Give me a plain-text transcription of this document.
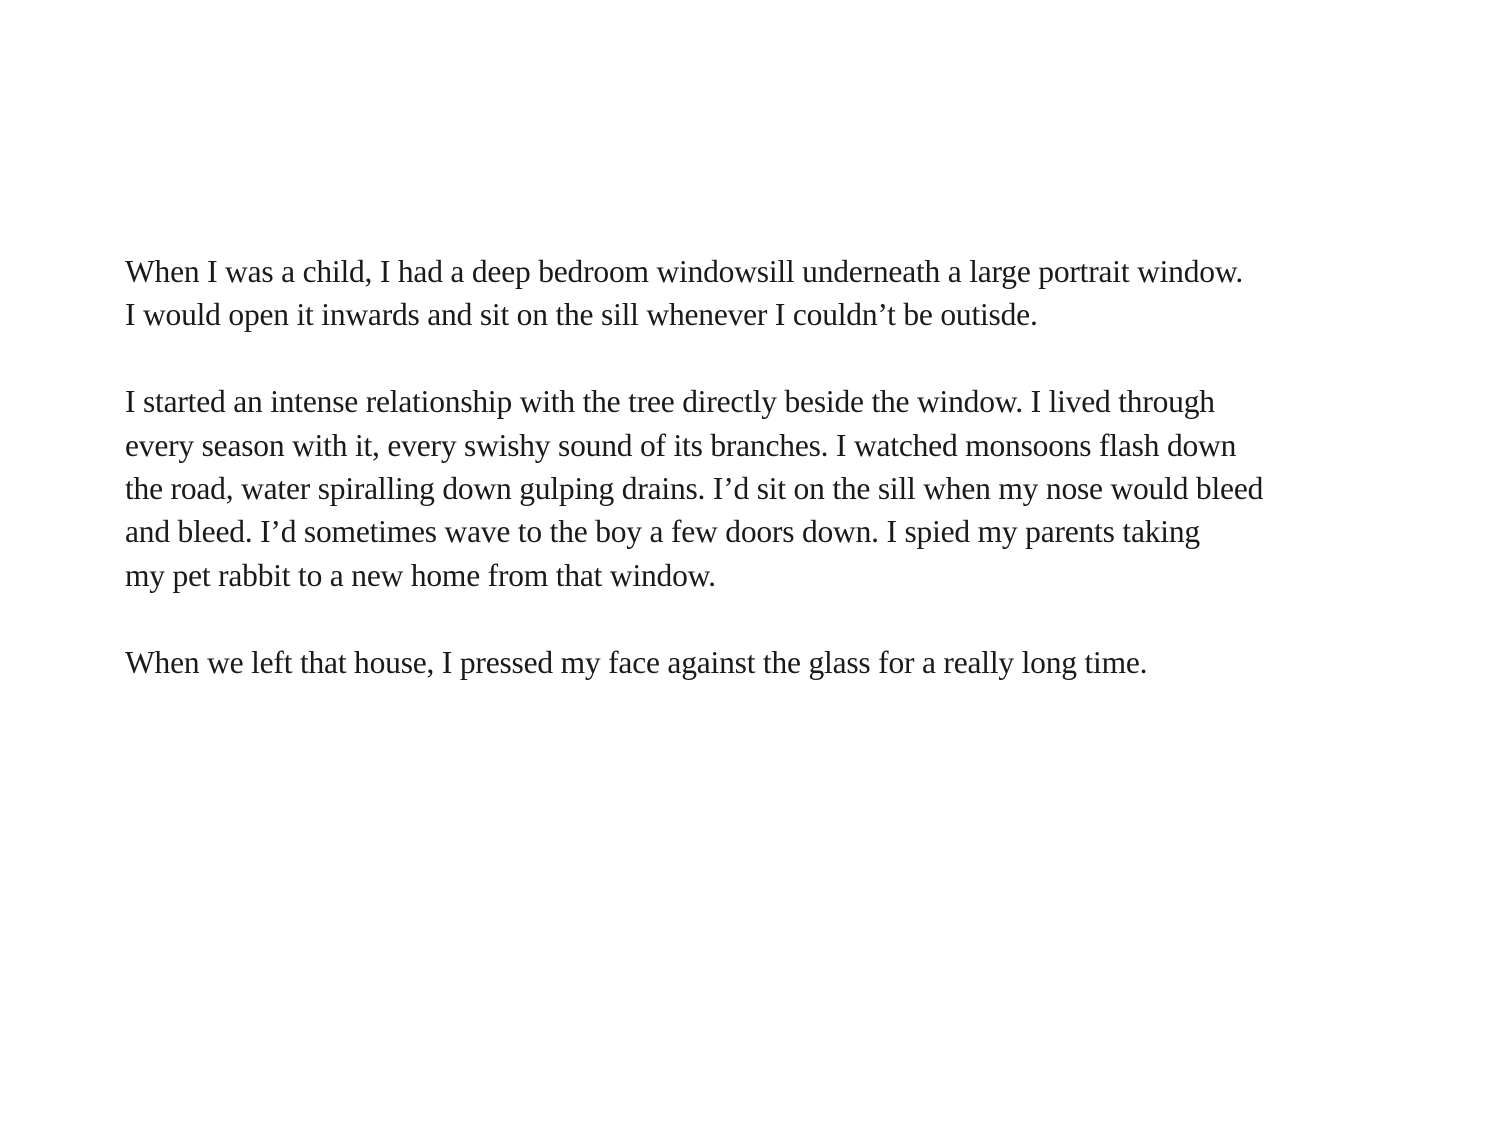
When I was a child, I had a deep bedroom windowsill underneath a large portrait window.
I would open it inwards and sit on the sill whenever I couldn’t be outisde.

I started an intense relationship with the tree directly beside the window. I lived through
every season with it, every swishy sound of its branches. I watched monsoons flash down
the road, water spiralling down gulping drains. I’d sit on the sill when my nose would bleed
and bleed. I’d sometimes wave to the boy a few doors down. I spied my parents taking
my pet rabbit to a new home from that window.

When we left that house, I pressed my face against the glass for a really long time.
